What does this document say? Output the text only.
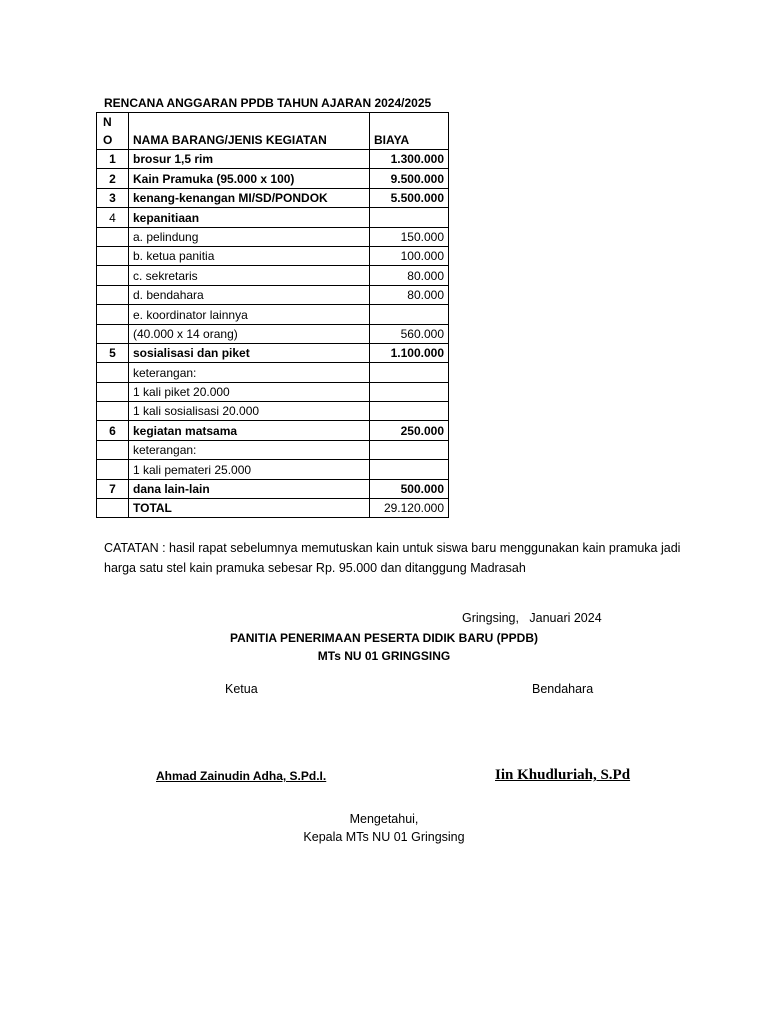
RENCANA ANGGARAN PPDB TAHUN AJARAN 2024/2025
N
O	NAMA BARANG/JENIS KEGIATAN	BIAYA
1	brosur 1,5 rim	1.300.000
2	Kain Pramuka (95.000 x 100)	9.500.000
3	kenang-kenangan MI/SD/PONDOK	5.500.000
4	kepanitiaan	
	a. pelindung	150.000
	b. ketua panitia	100.000
	c. sekretaris	80.000
	d. bendahara	80.000
	e. koordinator lainnya	
	(40.000 x 14 orang)	560.000
5	sosialisasi dan piket	1.100.000
	keterangan:	
	1 kali piket 20.000	
	1 kali sosialisasi 20.000	
6	kegiatan matsama	250.000
	keterangan:	
	1 kali pemateri 25.000	
7	dana lain-lain	500.000
	TOTAL	29.120.000
CATATAN : hasil rapat sebelumnya memutuskan kain untuk siswa baru menggunakan kain pramuka jadi
harga satu stel kain pramuka sebesar Rp. 95.000 dan ditanggung Madrasah
Gringsing,   Januari 2024
PANITIA PENERIMAAN PESERTA DIDIK BARU (PPDB)
MTs NU 01 GRINGSING
Ketua	Bendahara
Ahmad Zainudin Adha, S.Pd.I.	Iin Khudluriah, S.Pd
Mengetahui,
Kepala MTs NU 01 Gringsing
